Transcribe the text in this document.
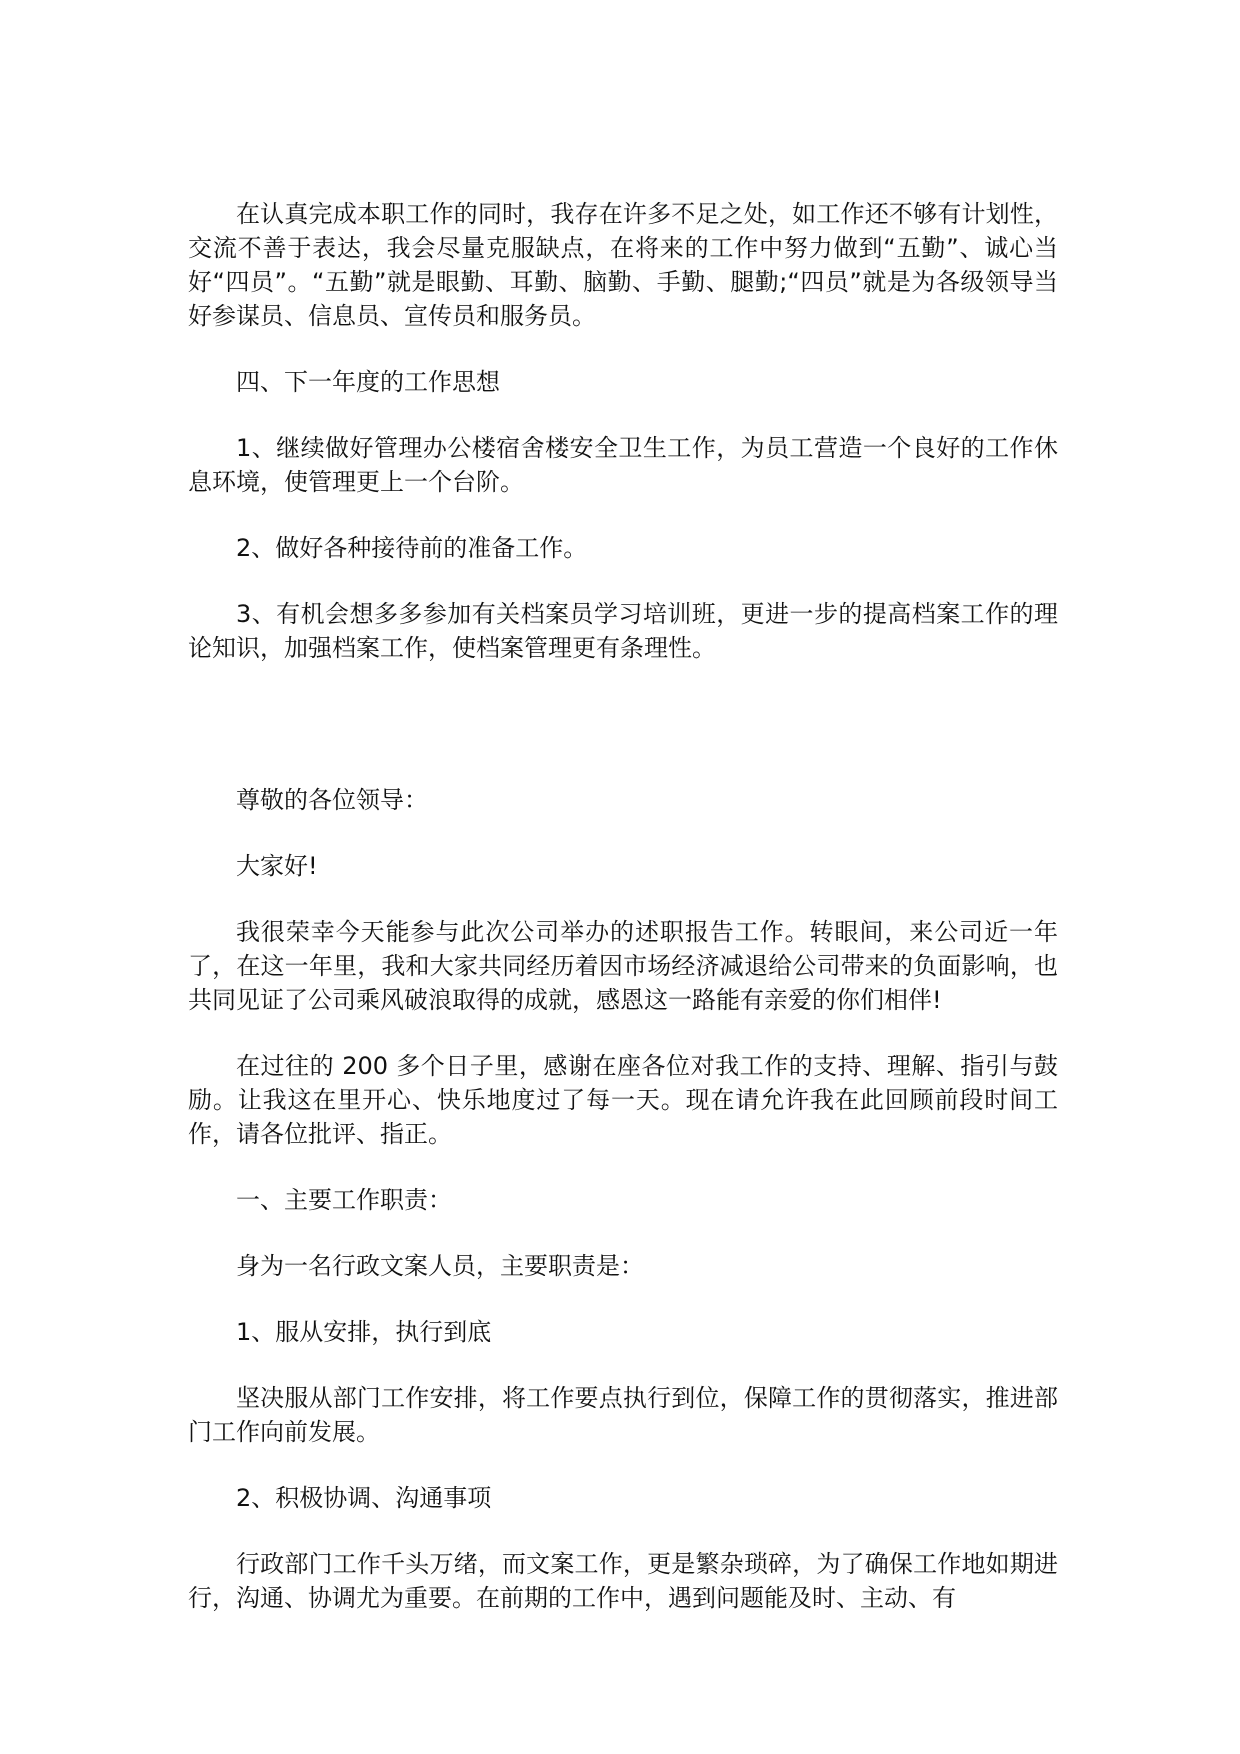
在认真完成本职工作的同时，我存在许多不足之处，如工作还不够有计划性，交流不善于表达，我会尽量克服缺点，在将来的工作中努力做到“五勤”、诚心当好“四员”。“五勤”就是眼勤、耳勤、脑勤、手勤、腿勤;“四员”就是为各级领导当好参谋员、信息员、宣传员和服务员。

四、下一年度的工作思想

1、继续做好管理办公楼宿舍楼安全卫生工作，为员工营造一个良好的工作休息环境，使管理更上一个台阶。

2、做好各种接待前的准备工作。

3、有机会想多多参加有关档案员学习培训班，更进一步的提高档案工作的理论知识，加强档案工作，使档案管理更有条理性。

尊敬的各位领导：

大家好!

我很荣幸今天能参与此次公司举办的述职报告工作。转眼间，来公司近一年了，在这一年里，我和大家共同经历着因市场经济减退给公司带来的负面影响，也共同见证了公司乘风破浪取得的成就，感恩这一路能有亲爱的你们相伴!

在过往的 200 多个日子里，感谢在座各位对我工作的支持、理解、指引与鼓励。让我这在里开心、快乐地度过了每一天。现在请允许我在此回顾前段时间工作，请各位批评、指正。

一、主要工作职责：

身为一名行政文案人员，主要职责是：

1、服从安排，执行到底

坚决服从部门工作安排，将工作要点执行到位，保障工作的贯彻落实，推进部门工作向前发展。

2、积极协调、沟通事项

行政部门工作千头万绪，而文案工作，更是繁杂琐碎，为了确保工作地如期进行，沟通、协调尤为重要。在前期的工作中，遇到问题能及时、主动、有
